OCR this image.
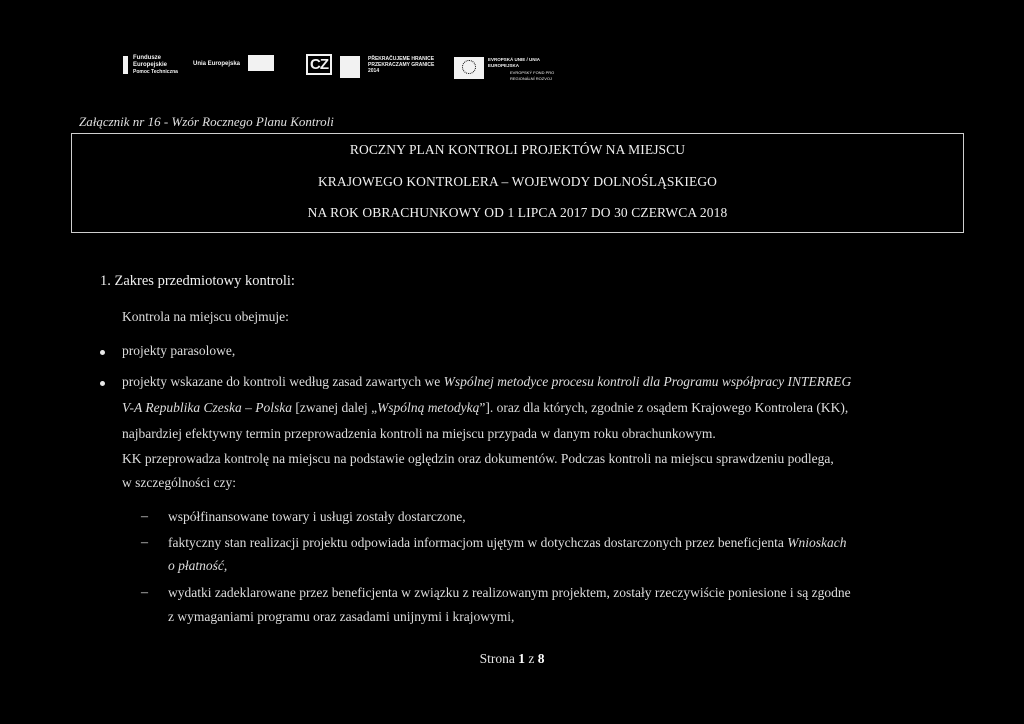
Fundusze
Europejskie
Pomoc Techniczna
Unia Europejska	CZ	PŘEKRAČUJEME HRANICE
PRZEKRACZAMY GRANICE
2014
EVROPSKÁ UNIE / UNIA EUROPEJSKA
EVROPSKÝ FOND PRO REGIONÁLNÍ ROZVOJ
Załącznik nr 16 - Wzór Rocznego Planu Kontroli
ROCZNY PLAN KONTROLI PROJEKTÓW NA MIEJSCU
KRAJOWEGO KONTROLERA – WOJEWODY DOLNOŚLĄSKIEGO
NA ROK OBRACHUNKOWY OD 1 LIPCA 2017 DO 30 CZERWCA 2018
1. Zakres przedmiotowy kontroli:
Kontrola na miejscu obejmuje:
projekty parasolowe,
projekty wskazane do kontroli według zasad zawartych we Wspólnej metodyce procesu kontroli dla Programu współpracy INTERREG
V-A Republika Czeska – Polska [zwanej dalej „Wspólną metodyką”]. oraz dla których, zgodnie z osądem Krajowego Kontrolera (KK),
najbardziej efektywny termin przeprowadzenia kontroli na miejscu przypada w danym roku obrachunkowym.
KK przeprowadza kontrolę na miejscu na podstawie oględzin oraz dokumentów. Podczas kontroli na miejscu sprawdzeniu podlega,
w szczególności czy:
– współfinansowane towary i usługi zostały dostarczone,
– faktyczny stan realizacji projektu odpowiada informacjom ujętym w dotychczas dostarczonych przez beneficjenta Wnioskach
o płatność,
– wydatki zadeklarowane przez beneficjenta w związku z realizowanym projektem, zostały rzeczywiście poniesione i są zgodne
z wymaganiami programu oraz zasadami unijnymi i krajowymi,
Strona 1 z 8
